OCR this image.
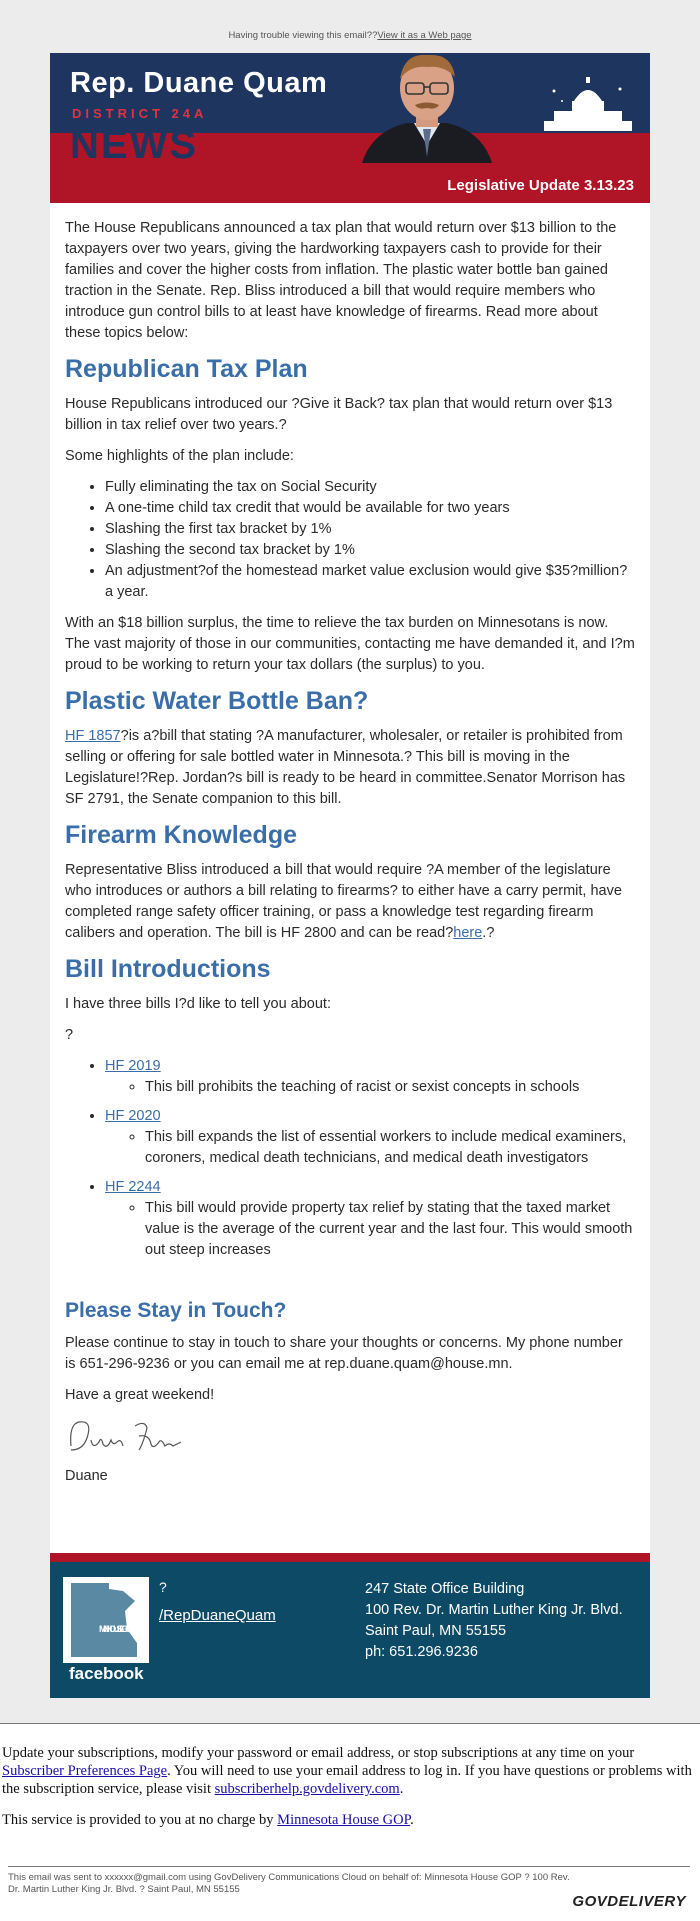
Having trouble viewing this email??View it as a Web page
Rep. Duane Quam
DISTRICT 24A
NEWS
Legislative Update 3.13.23

The House Republicans announced a tax plan that would return over $13 billion to the taxpayers over two years, giving the hardworking taxpayers cash to provide for their families and cover the higher costs from inflation. The plastic water bottle ban gained traction in the Senate. Rep. Bliss introduced a bill that would require members who introduce gun control bills to at least have knowledge of firearms. Read more about these topics below:

Republican Tax Plan

House Republicans introduced our ?Give it Back? tax plan that would return over $13 billion in tax relief over two years.?

Some highlights of the plan include:

• Fully eliminating the tax on Social Security
• A one-time child tax credit that would be available for two years
• Slashing the first tax bracket by 1%
• Slashing the second tax bracket by 1%
• An adjustment?of the homestead market value exclusion would give $35?million?a year.

With an $18 billion surplus, the time to relieve the tax burden on Minnesotans is now. The vast majority of those in our communities, contacting me have demanded it, and I?m proud to be working to return your tax dollars (the surplus) to you.

Plastic Water Bottle Ban?

HF 1857?is a?bill that stating ?A manufacturer, wholesaler, or retailer is prohibited from selling or offering for sale bottled water in Minnesota.? This bill is moving in the Legislature!?Rep. Jordan?s bill is ready to be heard in committee.Senator Morrison has SF 2791, the Senate companion to this bill.

Firearm Knowledge

Representative Bliss introduced a bill that would require ?A member of the legislature who introduces or authors a bill relating to firearms? to either have a carry permit, have completed range safety officer training, or pass a knowledge test regarding firearm calibers and operation. The bill is HF 2800 and can be read?here.?

Bill Introductions

I have three bills I?d like to tell you about:

?

• HF 2019
◦ This bill prohibits the teaching of racist or sexist concepts in schools
• HF 2020
◦ This bill expands the list of essential workers to include medical examiners, coroners, medical death technicians, and medical death investigators
• HF 2244
◦ This bill would provide property tax relief by stating that the taxed market value is the average of the current year and the last four. This would smooth out steep increases
Please Stay in Touch?

Please continue to stay in touch to share your thoughts or concerns. My phone number is 651-296-9236 or you can email me at rep.duane.quam@house.mn.

Have a great weekend!

Duane

MN HOUSE GOP
facebook
?
/RepDuaneQuam
247 State Office Building
100 Rev. Dr. Martin Luther King Jr. Blvd.
Saint Paul, MN 55155
ph: 651.296.9236

Update your subscriptions, modify your password or email address, or stop subscriptions at any time on your Subscriber Preferences Page. You will need to use your email address to log in. If you have questions or problems with the subscription service, please visit subscriberhelp.govdelivery.com.

This service is provided to you at no charge by Minnesota House GOP.

This email was sent to xxxxxx@gmail.com using GovDelivery Communications Cloud on behalf of: Minnesota House GOP ? 100 Rev. Dr. Martin Luther King Jr. Blvd. ? Saint Paul, MN 55155
GOVDELIVERY
